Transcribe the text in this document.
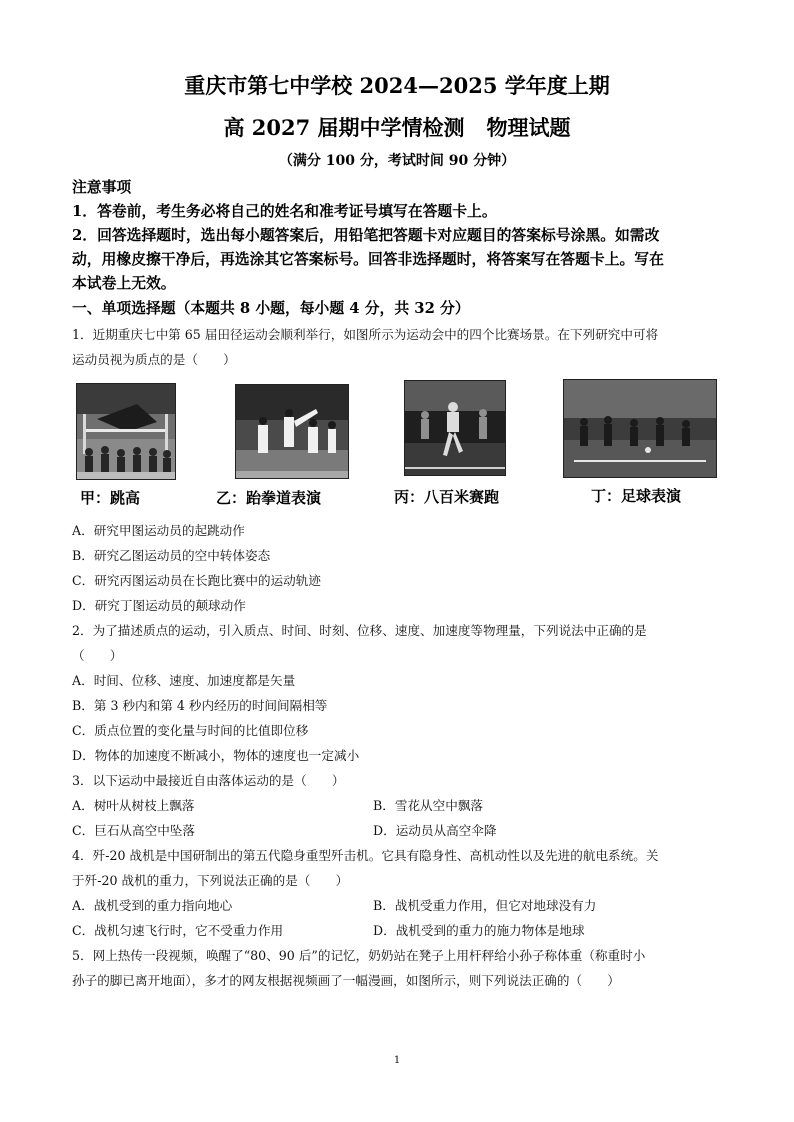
重庆市第七中学校 2024—2025 学年度上期
高 2027 届期中学情检测 物理试题
（满分 100 分，考试时间 90 分钟）
注意事项
1．答卷前，考生务必将自己的姓名和准考证号填写在答题卡上。
2．回答选择题时，选出每小题答案后，用铅笔把答题卡对应题目的答案标号涂黑。如需改
动，用橡皮擦干净后，再选涂其它答案标号。回答非选择题时，将答案写在答题卡上。写在
本试卷上无效。
一、单项选择题（本题共 8 小题，每小题 4 分，共 32 分）
1．近期重庆七中第 65 届田径运动会顺利举行，如图所示为运动会中的四个比赛场景。在下列研究中可将
运动员视为质点的是（　　）
甲：跳高	乙：跆拳道表演	丙：八百米赛跑	丁：足球表演
A．研究甲图运动员的起跳动作
B．研究乙图运动员的空中转体姿态
C．研究丙图运动员在长跑比赛中的运动轨迹
D．研究丁图运动员的颠球动作
2．为了描述质点的运动，引入质点、时间、时刻、位移、速度、加速度等物理量，下列说法中正确的是
（　　）
A．时间、位移、速度、加速度都是矢量
B．第 3 秒内和第 4 秒内经历的时间间隔相等
C．质点位置的变化量与时间的比值即位移
D．物体的加速度不断减小，物体的速度也一定减小
3．以下运动中最接近自由落体运动的是（　　）
A．树叶从树枝上飘落	B．雪花从空中飘落
C．巨石从高空中坠落	D．运动员从高空伞降
4．歼-20 战机是中国研制出的第五代隐身重型歼击机。它具有隐身性、高机动性以及先进的航电系统。关
于歼-20 战机的重力，下列说法正确的是（　　）
A．战机受到的重力指向地心	B．战机受重力作用，但它对地球没有力
C．战机匀速飞行时，它不受重力作用	D．战机受到的重力的施力物体是地球
5．网上热传一段视频，唤醒了“80、90 后”的记忆，奶奶站在凳子上用杆秤给小孙子称体重（称重时小
孙子的脚已离开地面），多才的网友根据视频画了一幅漫画，如图所示，则下列说法正确的（　　）
1
